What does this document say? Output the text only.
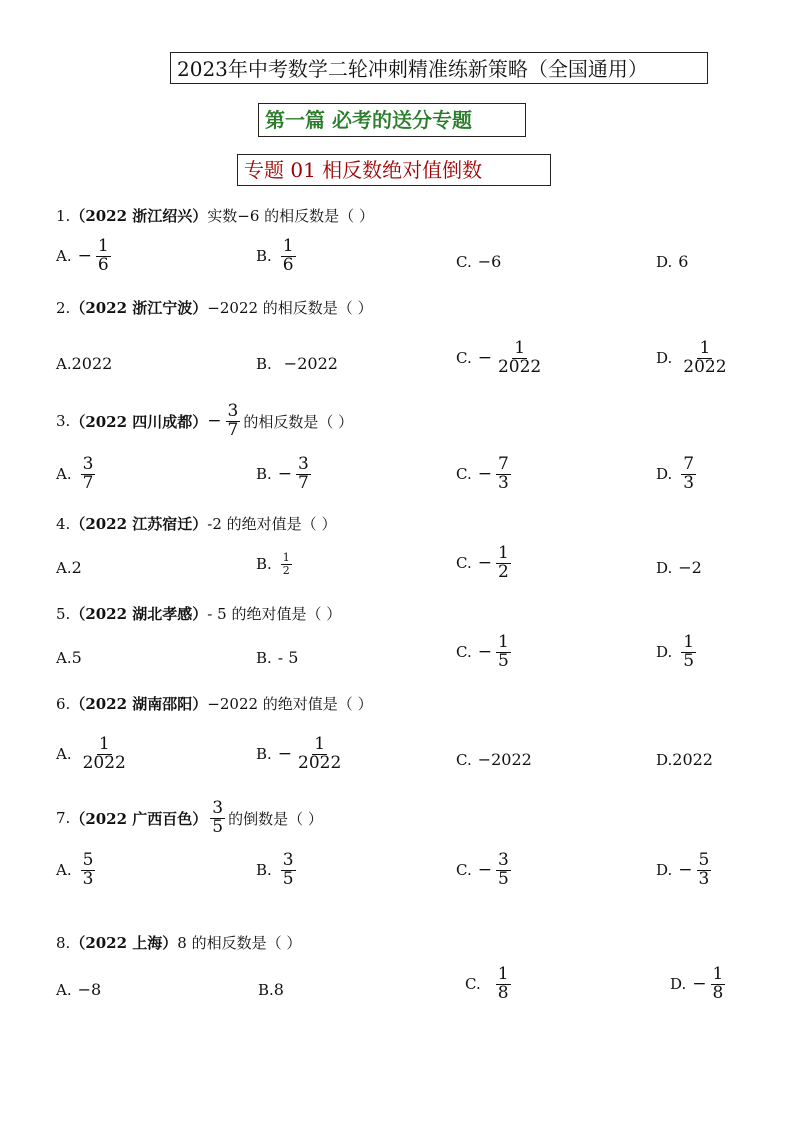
2023年中考数学二轮冲刺精准练新策略（全国通用）
第一篇 必考的送分专题
专题 01 相反数绝对值倒数
1. （2022 浙江绍兴） 实数−6 的相反数是（ ）
A. − $\frac{1}{6}$	B. $\frac{1}{6}$	C. −6	D. 6
2. （2022 浙江宁波） −2022 的相反数是（ ）
A. 2022	B. −2022	C. − $\frac{1}{2022}$	D. $\frac{1}{2022}$
3. （2022 四川成都） − $\frac{3}{7}$ 的相反数是（ ）
A. $\frac{3}{7}$	B. − $\frac{3}{7}$	C. − $\frac{7}{3}$	D. $\frac{7}{3}$
4. （2022 江苏宿迁） -2 的绝对值是（ ）
A. 2	B. $\frac{1}{2}$	C. − $\frac{1}{2}$	D. −2
5. （2022 湖北孝感） - 5 的绝对值是（ ）
A. 5	B. - 5	C. − $\frac{1}{5}$	D. $\frac{1}{5}$
6. （2022 湖南邵阳） −2022 的绝对值是（ ）
A. $\frac{1}{2022}$	B. − $\frac{1}{2022}$	C. −2022	D. 2022
7. （2022 广西百色） $\frac{3}{5}$ 的倒数是（ ）
A. $\frac{5}{3}$	B. $\frac{3}{5}$	C. − $\frac{3}{5}$	D. − $\frac{5}{3}$
8. （2022 上海） 8 的相反数是（ ）
A. −8	B. 8	C. $\frac{1}{8}$	D. − $\frac{1}{8}$
